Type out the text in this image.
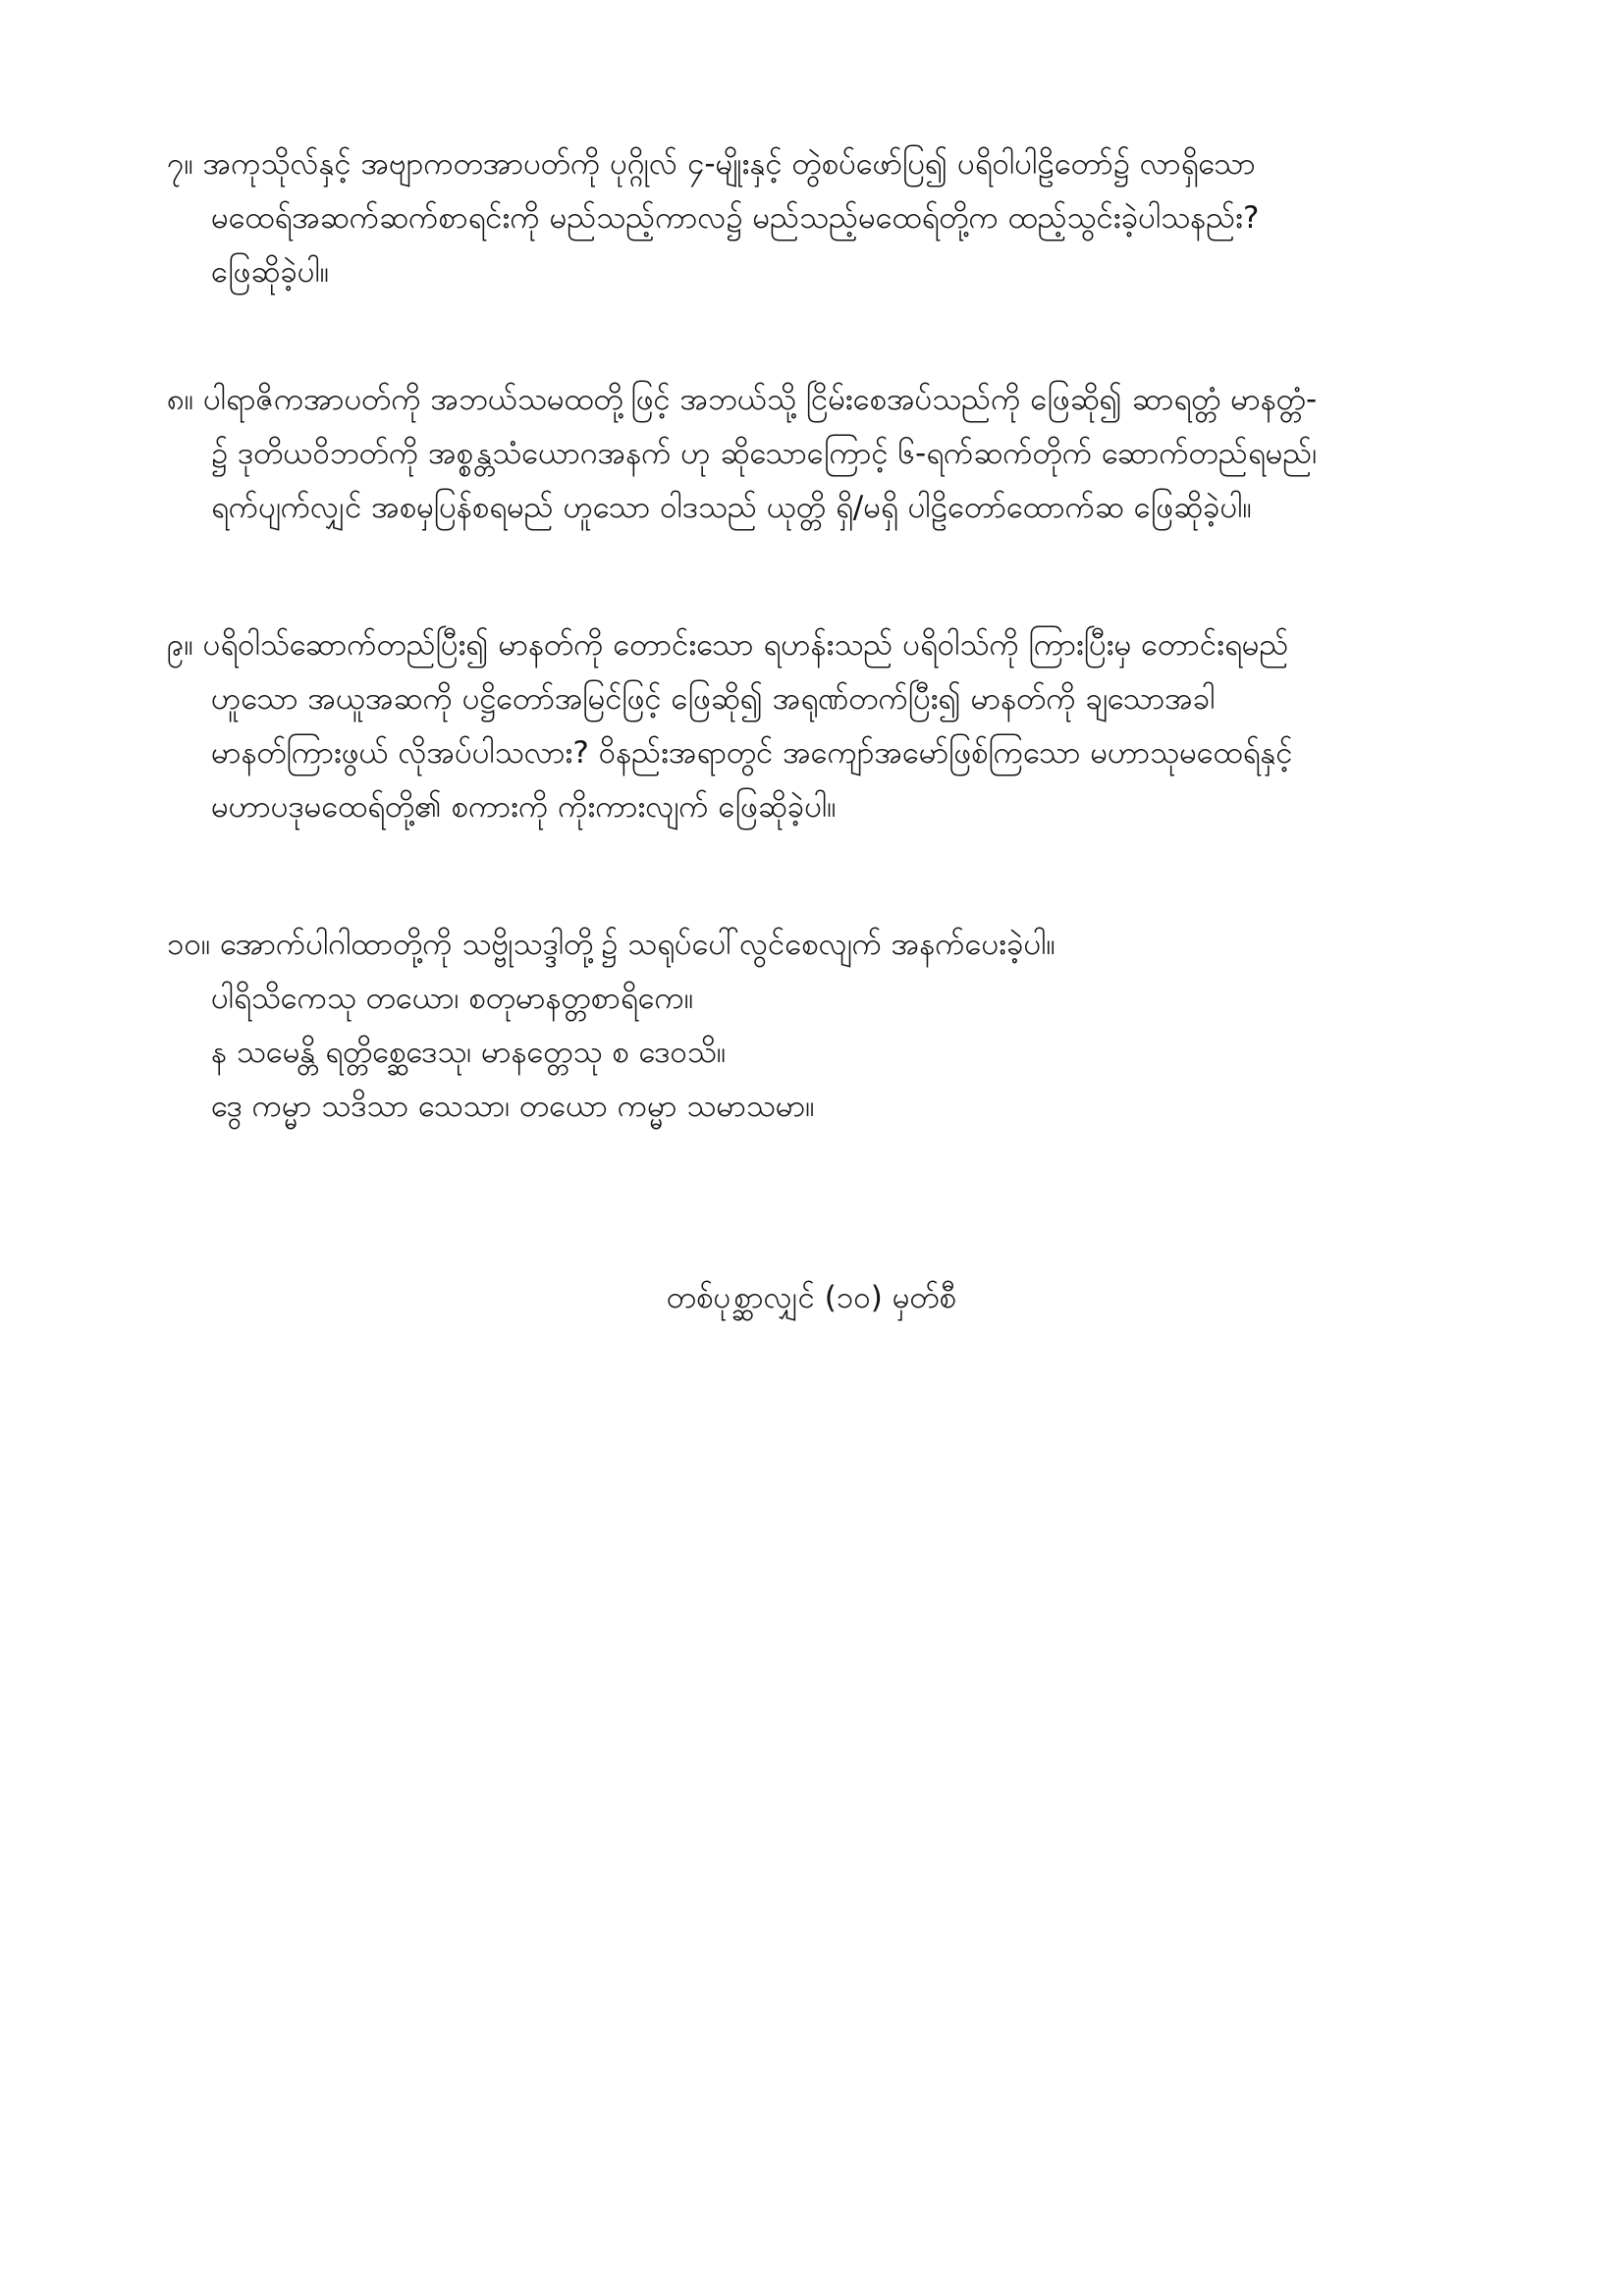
၇။ အကုသိုလ်နှင့် အဗျာကတအာပတ်ကို ပုဂ္ဂိုလ် ၄-မျိုးနှင့် တွဲစပ်ဖော်ပြ၍ ပရိဝါပါဠိတော်၌ လာရှိသော
မထေရ်အဆက်ဆက်စာရင်းကို မည်သည့်ကာလ၌ မည်သည့်မထေရ်တို့က ထည့်သွင်းခဲ့ပါသနည်း?
ဖြေဆိုခဲ့ပါ။
၈။ ပါရာဇိကအာပတ်ကို အဘယ်သမထတို့ဖြင့် အဘယ်သို့ ငြိမ်းစေအပ်သည်ကို ဖြေဆို၍ ဆာရတ္တံ မာနတ္တံ-
၌ ဒုတိယဝိဘတ်ကို အစ္စန္တသံယောဂအနက် ဟု ဆိုသောကြောင့် ၆-ရက်ဆက်တိုက် ဆောက်တည်ရမည်၊
ရက်ပျက်လျှင် အစမှပြန်စရမည် ဟူသော ဝါဒသည် ယုတ္တိ ရှိ/မရှိ ပါဠိတော်ထောက်ဆ ဖြေဆိုခဲ့ပါ။
၉။ ပရိဝါသ်ဆောက်တည်ပြီး၍ မာနတ်ကို တောင်းသော ရဟန်းသည် ပရိဝါသ်ကို ကြားပြီးမှ တောင်းရမည်
ဟူသော အယူအဆကို ပဋ္ဌိတော်အမြင်ဖြင့် ဖြေဆို၍ အရုဏ်တက်ပြီး၍ မာနတ်ကို ချသောအခါ
မာနတ်ကြားဖွယ် လိုအပ်ပါသလား? ဝိနည်းအရာတွင် အကျော်အမော်ဖြစ်ကြသော မဟာသုမထေရ်နှင့်
မဟာပဒုမထေရ်တို့၏ စကားကို ကိုးကားလျက် ဖြေဆိုခဲ့ပါ။
၁၀။ အောက်ပါဂါထာတို့ကို သဗ္ဗိုသဒ္ဒါတို့၌ သရုပ်ပေါ်လွင်စေလျက် အနက်ပေးခဲ့ပါ။
ပါရိသိကေသု တယော၊ စတုမာနတ္တစာရိကေ။
န သမေန္တိ ရတ္တိစ္ဆေဒေသု၊ မာနတ္တေသု စ ဒေဝသိ။
ဒွေ ကမ္မာ သဒိသာ သေသာ၊ တယော ကမ္မာ သမာသမာ။
တစ်ပုစ္ဆာလျှင် (၁၀) မှတ်စီ
